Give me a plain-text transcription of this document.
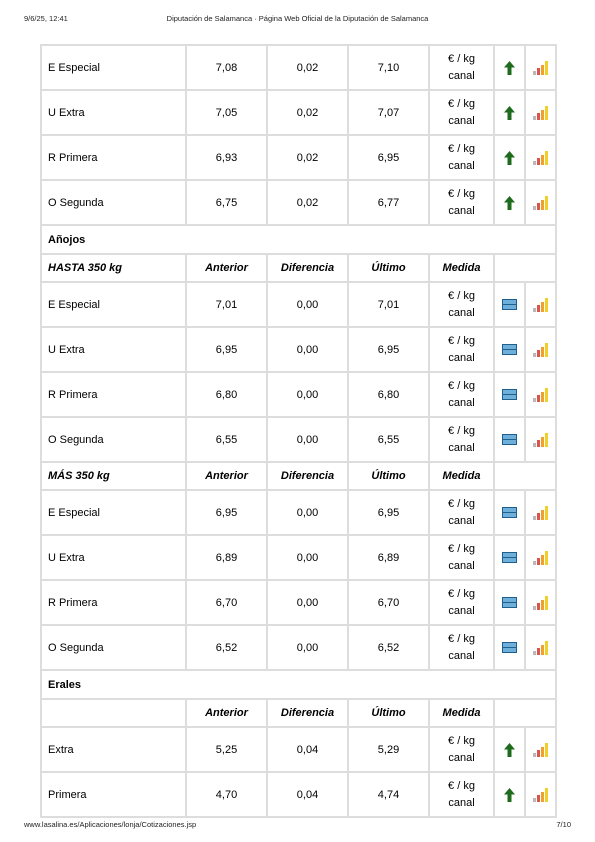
9/6/25, 12:41	Diputación de Salamanca · Página Web Oficial de la Diputación de Salamanca
E Especial	7,08	0,02	7,10	€ / kg
canal		
U Extra	7,05	0,02	7,07	€ / kg
canal		
R Primera	6,93	0,02	6,95	€ / kg
canal		
O Segunda	6,75	0,02	6,77	€ / kg
canal		
Añojos						
HASTA 350 kg	Anterior	Diferencia	Último	Medida		
E Especial	7,01	0,00	7,01	€ / kg
canal		
U Extra	6,95	0,00	6,95	€ / kg
canal		
R Primera	6,80	0,00	6,80	€ / kg
canal		
O Segunda	6,55	0,00	6,55	€ / kg
canal		
MÁS 350 kg	Anterior	Diferencia	Último	Medida		
E Especial	6,95	0,00	6,95	€ / kg
canal		
U Extra	6,89	0,00	6,89	€ / kg
canal		
R Primera	6,70	0,00	6,70	€ / kg
canal		
O Segunda	6,52	0,00	6,52	€ / kg
canal		
Erales						
	Anterior	Diferencia	Último	Medida		
Extra	5,25	0,04	5,29	€ / kg
canal		
Primera	4,70	0,04	4,74	€ / kg
canal		
www.lasalina.es/Aplicaciones/lonja/Cotizaciones.jsp	7/10
